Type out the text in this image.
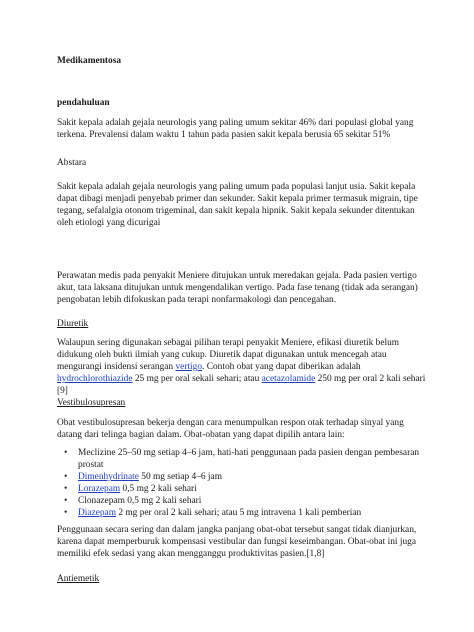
Medikamentosa

pendahuluan

Sakit kepala adalah gejala neurologis yang paling umum sekitar 46% dari populasi global yang terkena. Prevalensi dalam waktu 1 tahun pada pasien sakit kepala berusia 65 sekitar 51%

Abstara

Sakit kepala adalah gejala neurologis yang paling umum pada populasi lanjut usia. Sakit kepala dapat dibagi menjadi penyebab primer dan sekunder. Sakit kepala primer termasuk migrain, tipe tegang, sefalalgia otonom trigeminal, dan sakit kepala hipnik. Sakit kepala sekunder ditentukan oleh etiologi yang dicurigai

Perawatan medis pada penyakit Meniere ditujukan untuk meredakan gejala. Pada pasien vertigo akut, tata laksana ditujukan untuk mengendalikan vertigo. Pada fase tenang (tidak ada serangan) pengobatan lebih difokuskan pada terapi nonfarmakologi dan pencegahan.

Diuretik

Walaupun sering digunakan sebagai pilihan terapi penyakit Meniere, efikasi diuretik belum didukung oleh bukti ilmiah yang cukup. Diuretik dapat digunakan untuk mencegah atau mengurangi insidensi serangan vertigo. Contoh obat yang dapat diberikan adalah hydrochlorothiazide 25 mg per oral sekali sehari; atau acetazolamide 250 mg per oral 2 kali sehari [9]

Vestibulosupresan

Obat vestibulosupresan bekerja dengan cara menumpulkan respon otak terhadap sinyal yang datang dari telinga bagian dalam. Obat-obatan yang dapat dipilih antara lain:

• Meclizine 25–50 mg setiap 4–6 jam, hati-hati penggunaan pada pasien dengan pembesaran prostat
• Dimenhydrinate 50 mg setiap 4–6 jam
• Lorazepam 0,5 mg 2 kali sehari
• Clonazepam 0,5 mg 2 kali sehari
• Diazepam 2 mg per oral 2 kali sehari; atau 5 mg intravena 1 kali pemberian

Penggunaan secara sering dan dalam jangka panjang obat-obat tersebut sangat tidak dianjurkan, karena dapat memperburuk kompensasi vestibular dan fungsi keseimbangan. Obat-obat ini juga memiliki efek sedasi yang akan mengganggu produktivitas pasien.[1,8]

Antiemetik
